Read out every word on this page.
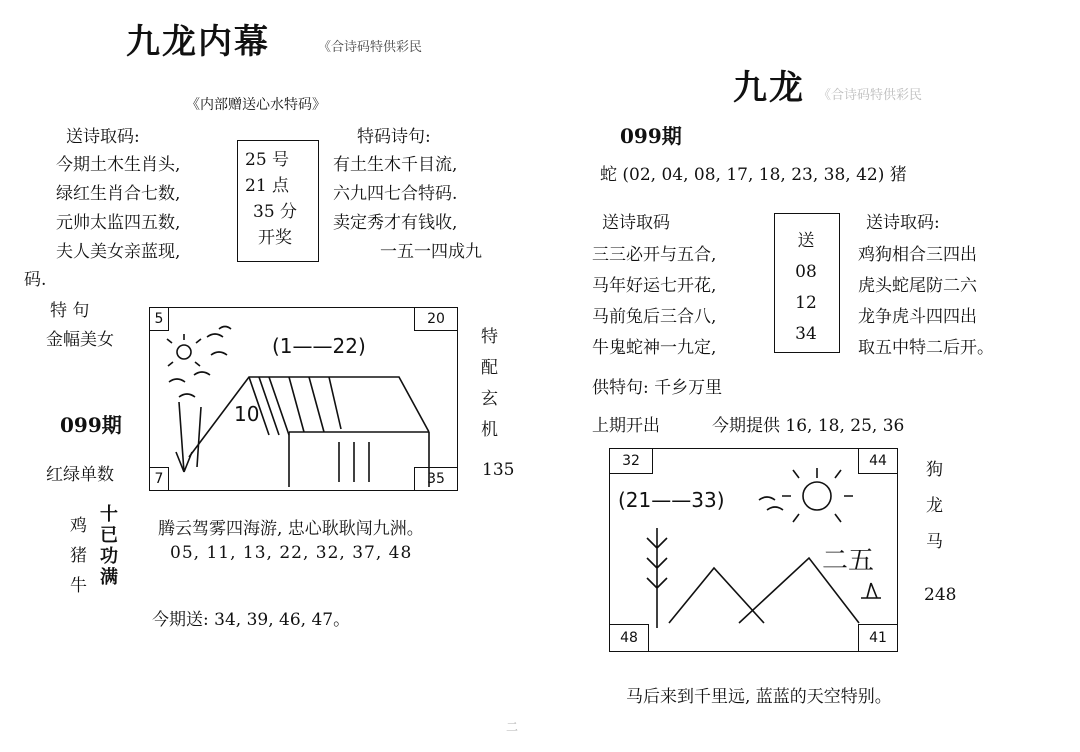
九龙内幕	《合诗码特供彩民
《内部赠送心水特码》
送诗取码:
今期土木生肖头,
绿红生肖合七数,
元帅太监四五数,
夫人美女亲蓝现,
码.
25 号
21 点
35 分
开奖
特码诗句:
有土生木千目流,
六九四七合特码.
卖定秀才有钱收,
一五一四成九
特 句
金幅美女
099期
红绿单数
5	20
7	35
(1——22)
10
特
配
玄
机
135
鸡
猪
牛
十
已
功
满
腾云驾雾四海游, 忠心耿耿闯九洲。
05, 11, 13, 22, 32, 37, 48
今期送: 34, 39, 46, 47。
九龙 《合诗码特供彩民
099期
蛇 (02, 04, 08, 17, 18, 23, 38, 42) 猪
送诗取码
三三必开与五合,
马年好运七开花,
马前兔后三合八,
牛鬼蛇神一九定,
送
08
12
34
送诗取码:
鸡狗相合三四出
虎头蛇尾防二六
龙争虎斗四四出
取五中特二后开。
供特句: 千乡万里
上期开出	今期提供 16, 18, 25, 36
32	44
48	41
(21——33)
二五
狗
龙
马
248
马后来到千里远, 蓝蓝的天空特别。
二
